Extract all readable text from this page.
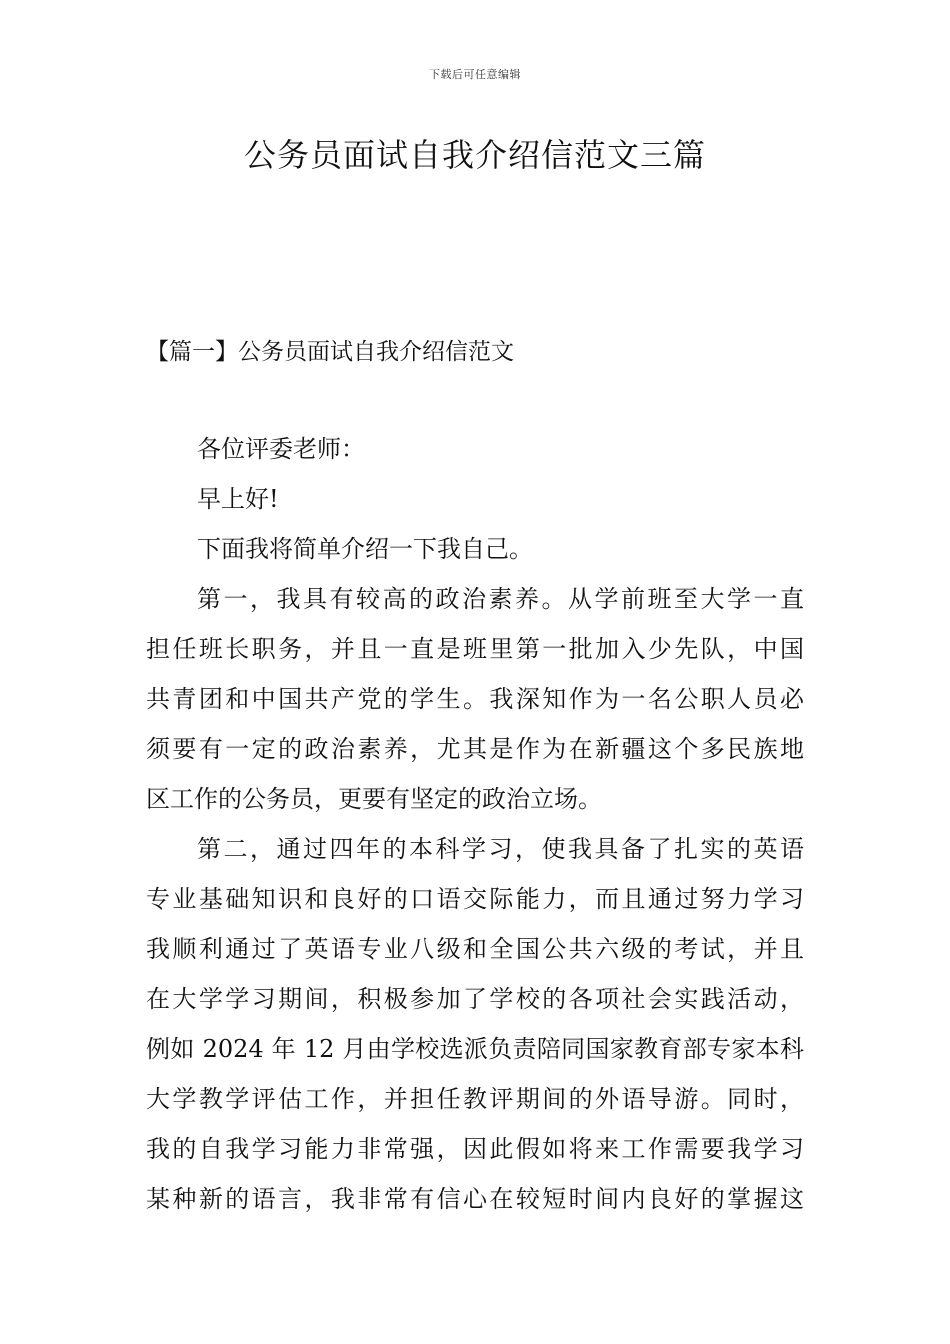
下载后可任意编辑
公务员面试自我介绍信范文三篇
【篇一】公务员面试自我介绍信范文
各位评委老师：
早上好!
下面我将简单介绍一下我自己。
第一，我具有较高的政治素养。从学前班至大学一直
担任班长职务，并且一直是班里第一批加入少先队，中国
共青团和中国共产党的学生。我深知作为一名公职人员必
须要有一定的政治素养，尤其是作为在新疆这个多民族地
区工作的公务员，更要有坚定的政治立场。
第二，通过四年的本科学习，使我具备了扎实的英语
专业基础知识和良好的口语交际能力，而且通过努力学习
我顺利通过了英语专业八级和全国公共六级的考试，并且
在大学学习期间，积极参加了学校的各项社会实践活动，
例如 2024 年 12 月由学校选派负责陪同国家教育部专家本科
大学教学评估工作，并担任教评期间的外语导游。同时，
我的自我学习能力非常强，因此假如将来工作需要我学习
某种新的语言，我非常有信心在较短时间内良好的掌握这
